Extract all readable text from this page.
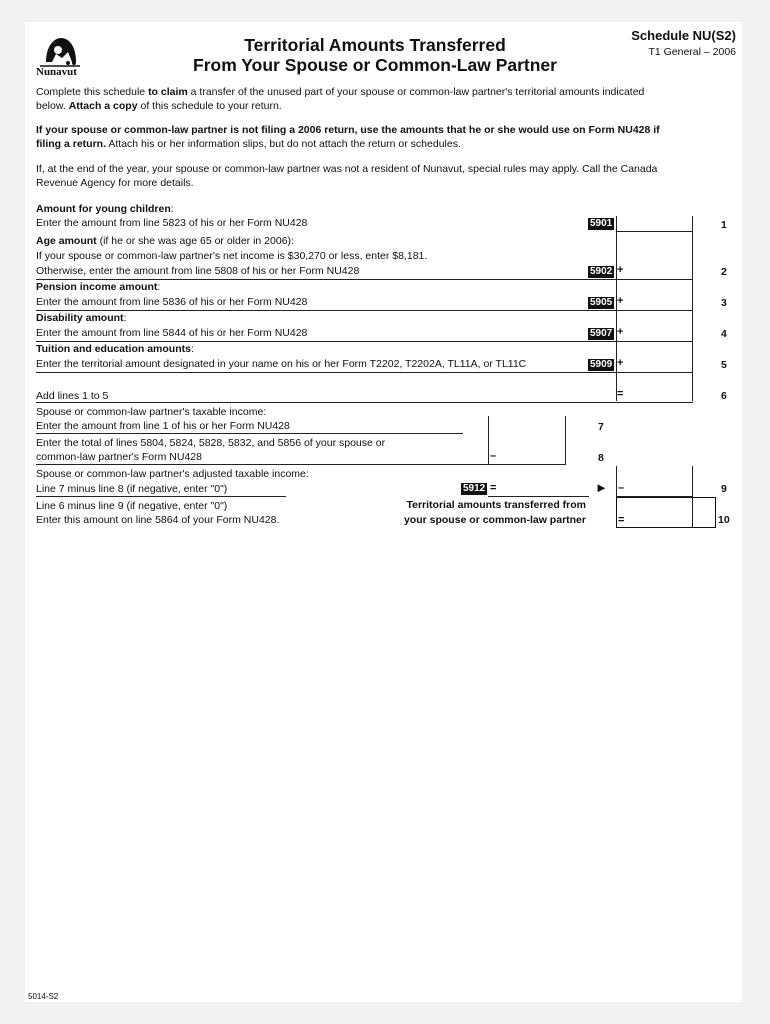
Nunavut
Territorial Amounts Transferred
From Your Spouse or Common-Law Partner
Schedule NU(S2)
T1 General – 2006
Complete this schedule to claim a transfer of the unused part of your spouse or common-law partner's territorial amounts indicated
below. Attach a copy of this schedule to your return.
If your spouse or common-law partner is not filing a 2006 return, use the amounts that he or she would use on Form NU428 if
filing a return. Attach his or her information slips, but do not attach the return or schedules.
If, at the end of the year, your spouse or common-law partner was not a resident of Nunavut, special rules may apply. Call the Canada
Revenue Agency for more details.
Amount for young children:
Enter the amount from line 5823 of his or her Form NU428	5901	1
Age amount (if he or she was age 65 or older in 2006):
If your spouse or common-law partner's net income is $30,270 or less, enter $8,181.
Otherwise, enter the amount from line 5808 of his or her Form NU428	5902 +	2
Pension income amount:
Enter the amount from line 5836 of his or her Form NU428	5905 +	3
Disability amount:
Enter the amount from line 5844 of his or her Form NU428	5907 +	4
Tuition and education amounts:
Enter the territorial amount designated in your name on his or her Form T2202, T2202A, TL11A, or TL11C	5909 +	5
Add lines 1 to 5	=	6
Spouse or common-law partner's taxable income:
Enter the amount from line 1 of his or her Form NU428	7
Enter the total of lines 5804, 5824, 5828, 5832, and 5856 of your spouse or
common-law partner's Form NU428	–	8
Spouse or common-law partner's adjusted taxable income:
Line 7 minus line 8 (if negative, enter "0")	5912 =	► –	9
Line 6 minus line 9 (if negative, enter "0")
Enter this amount on line 5864 of your Form NU428.
Territorial amounts transferred from
your spouse or common-law partner	=	10
5014-S2
